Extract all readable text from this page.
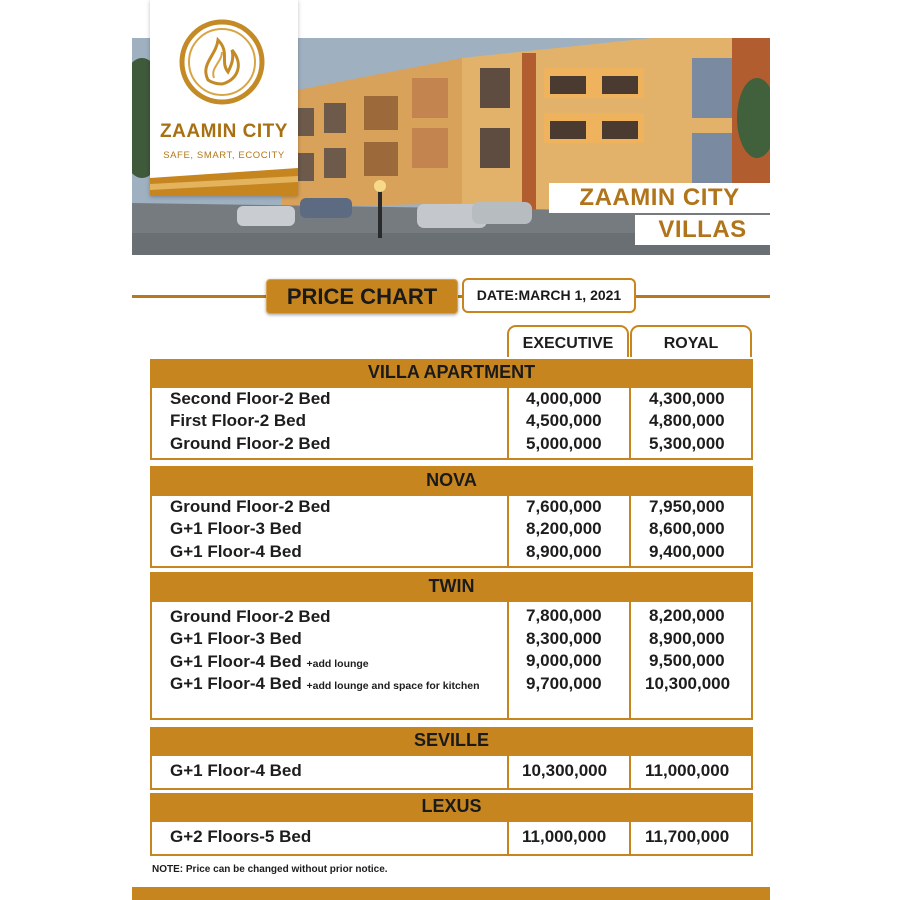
ZAAMIN CITY
SAFE, SMART, ECOCITY
ZAAMIN CITY
VILLAS
PRICE CHART	DATE:MARCH 1, 2021
EXECUTIVE	ROYAL
VILLA APARTMENT
Second Floor-2 Bed	4,000,000	4,300,000
First Floor-2 Bed	4,500,000	4,800,000
Ground Floor-2 Bed	5,000,000	5,300,000
NOVA
Ground Floor-2 Bed	7,600,000	7,950,000
G+1 Floor-3 Bed	8,200,000	8,600,000
G+1 Floor-4 Bed	8,900,000	9,400,000
TWIN
Ground Floor-2 Bed	7,800,000	8,200,000
G+1 Floor-3 Bed	8,300,000	8,900,000
G+1 Floor-4 Bed +add lounge	9,000,000	9,500,000
G+1 Floor-4 Bed +add lounge and space for kitchen	9,700,000	10,300,000
SEVILLE
G+1 Floor-4 Bed	10,300,000 11,000,000
LEXUS
G+2 Floors-5 Bed	11,000,000 11,700,000
NOTE: Price can be changed without prior notice.
